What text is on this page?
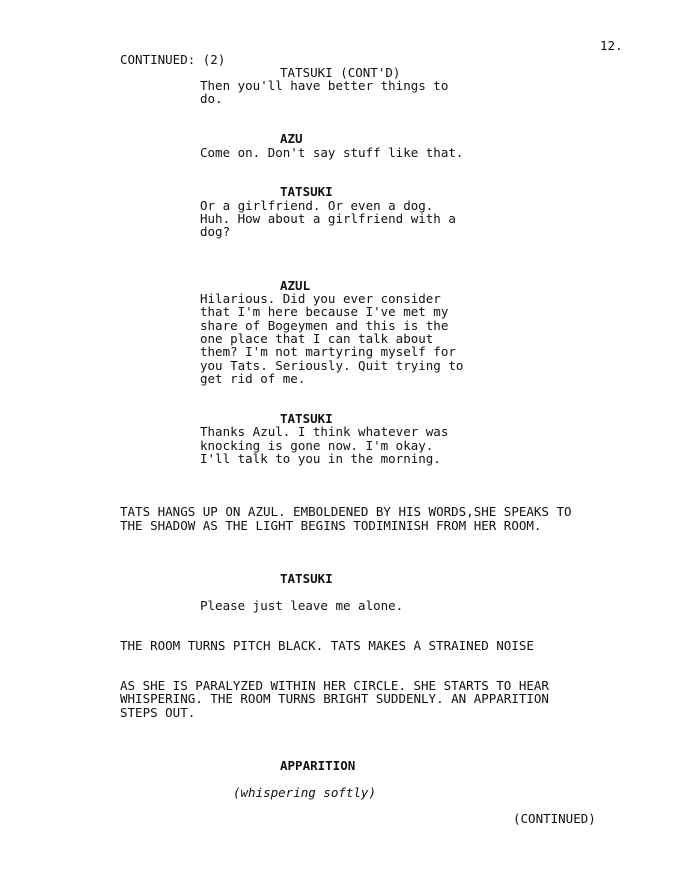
12.
CONTINUED: (2)
TATSUKI (CONT'D)
Then you'll have better things to
do.
AZU
Come on. Don't say stuff like that.
TATSUKI
Or a girlfriend. Or even a dog.
Huh. How about a girlfriend with a
dog?
AZUL
Hilarious. Did you ever consider
that I'm here because I've met my
share of Bogeymen and this is the
one place that I can talk about
them? I'm not martyring myself for
you Tats. Seriously. Quit trying to
get rid of me.
TATSUKI
Thanks Azul. I think whatever was
knocking is gone now. I'm okay.
I'll talk to you in the morning.
TATS HANGS UP ON AZUL. EMBOLDENED BY HIS WORDS,SHE SPEAKS TO
THE SHADOW AS THE LIGHT BEGINS TODIMINISH FROM HER ROOM.
TATSUKI
Please just leave me alone.
THE ROOM TURNS PITCH BLACK. TATS MAKES A STRAINED NOISE
AS SHE IS PARALYZED WITHIN HER CIRCLE. SHE STARTS TO HEAR
WHISPERING. THE ROOM TURNS BRIGHT SUDDENLY. AN APPARITION
STEPS OUT.
APPARITION
(whispering softly)
(CONTINUED)
